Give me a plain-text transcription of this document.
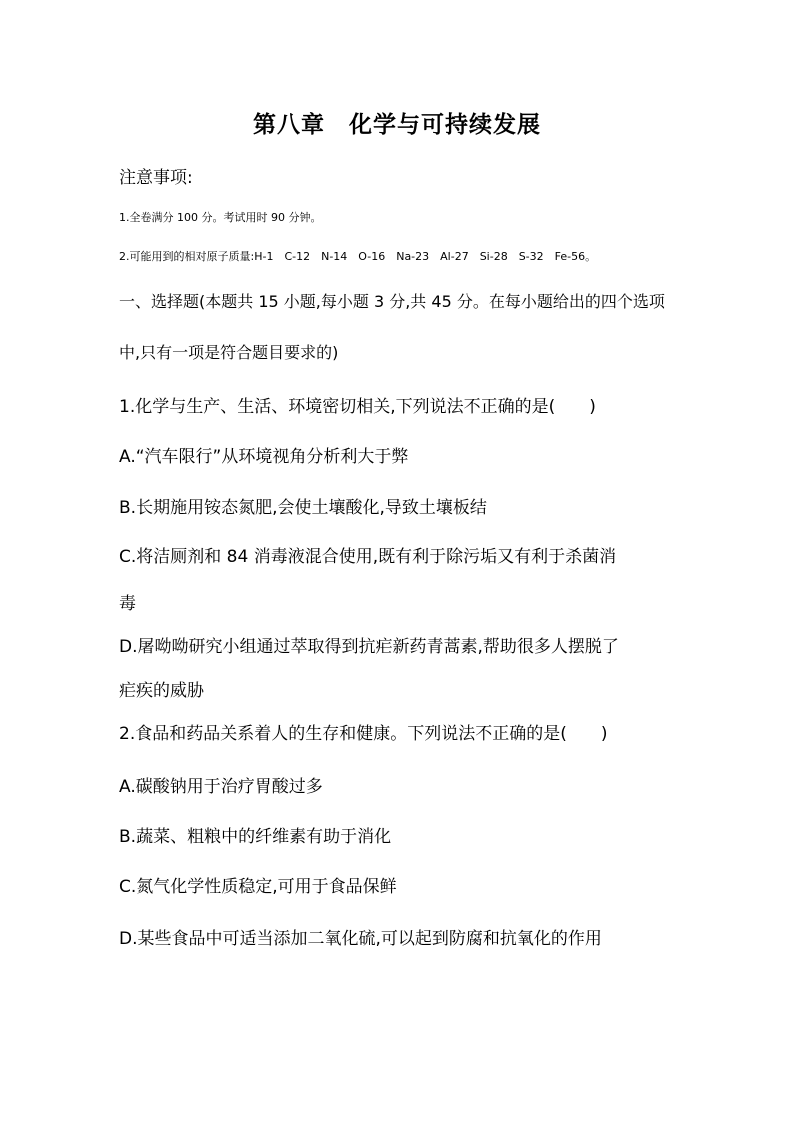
第八章　化学与可持续发展
注意事项:
1.全卷满分 100 分。考试用时 90 分钟。
2.可能用到的相对原子质量:H-1　C-12　N-14　O-16　Na-23　Al-27　Si-28　S-32　Fe-56。
一、选择题(本题共 15 小题,每小题 3 分,共 45 分。在每小题给出的四个选项
中,只有一项是符合题目要求的)
1.化学与生产、生活、环境密切相关,下列说法不正确的是(　　)
A.“汽车限行”从环境视角分析利大于弊
B.长期施用铵态氮肥,会使土壤酸化,导致土壤板结
C.将洁厕剂和 84 消毒液混合使用,既有利于除污垢又有利于杀菌消
毒
D.屠呦呦研究小组通过萃取得到抗疟新药青蒿素,帮助很多人摆脱了
疟疾的威胁
2.食品和药品关系着人的生存和健康。下列说法不正确的是(　　)
A.碳酸钠用于治疗胃酸过多
B.蔬菜、粗粮中的纤维素有助于消化
C.氮气化学性质稳定,可用于食品保鲜
D.某些食品中可适当添加二氧化硫,可以起到防腐和抗氧化的作用
